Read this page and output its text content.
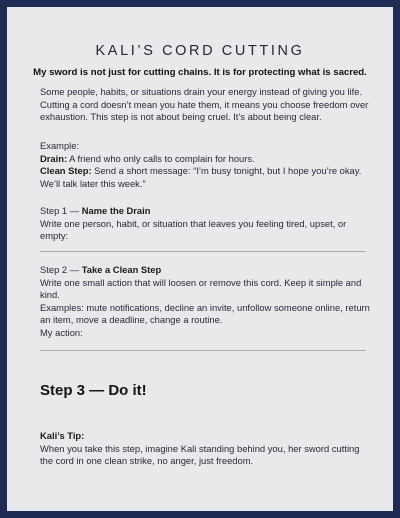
KALI’S CORD CUTTING
My sword is not just for cutting chains. It is for protecting what is sacred.
Some people, habits, or situations drain your energy instead of giving you life. Cutting a cord doesn’t mean you hate them, it means you choose freedom over exhaustion. This step is not about being cruel. It’s about being clear.
Example:
Drain: A friend who only calls to complain for hours.
Clean Step: Send a short message: “I’m busy tonight, but I hope you’re okay. We’ll talk later this week.”
Step 1 — Name the Drain
Write one person, habit, or situation that leaves you feeling tired, upset, or empty:
Step 2 — Take a Clean Step
Write one small action that will loosen or remove this cord. Keep it simple and kind.
Examples: mute notifications, decline an invite, unfollow someone online, return an item, move a deadline, change a routine.
My action:
Step 3 — Do it!
Kali’s Tip:
When you take this step, imagine Kali standing behind you, her sword cutting the cord in one clean strike, no anger, just freedom.
